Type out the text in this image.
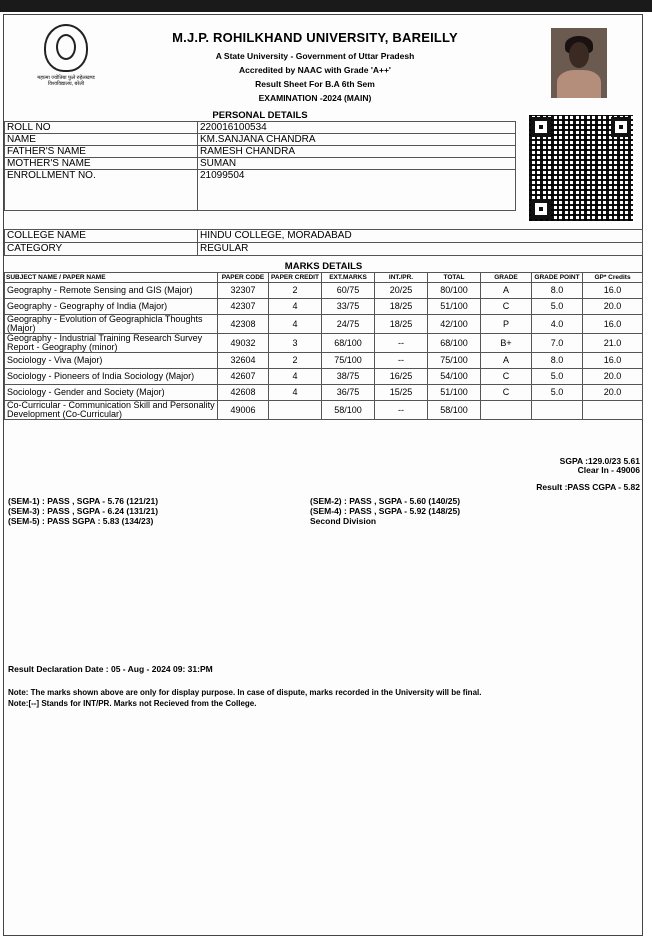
महात्मा ज्योतिबा फुले रुहेलखण्ड विश्वविद्यालय, बरेली
M.J.P. ROHILKHAND UNIVERSITY, BAREILLY
A State University - Government of Uttar Pradesh
Accredited by NAAC with Grade 'A++'
Result Sheet For B.A 6th Sem
EXAMINATION -2024 (MAIN)
PERSONAL DETAILS
ROLL NO	220016100534
NAME	KM.SANJANA CHANDRA
FATHER'S NAME	RAMESH CHANDRA
MOTHER'S NAME	SUMAN
ENROLLMENT NO.	21099504
COLLEGE NAME	HINDU COLLEGE, MORADABAD
CATEGORY	REGULAR
MARKS DETAILS
SUBJECT NAME / PAPER NAME	PAPER CODE	PAPER CREDIT	EXT.MARKS	INT./PR.	TOTAL	GRADE	GRADE POINT	GP* Credits
Geography - Remote Sensing and GIS (Major)	32307	2	60/75	20/25	80/100	A	8.0	16.0
Geography - Geography of India (Major)	42307	4	33/75	18/25	51/100	C	5.0	20.0
Geography - Evolution of Geographicla Thoughts (Major)	42308	4	24/75	18/25	42/100	P	4.0	16.0
Geography - Industrial Training Research Survey Report - Geography (minor)	49032	3	68/100	--	68/100	B+	7.0	21.0
Sociology - Viva (Major)	32604	2	75/100	--	75/100	A	8.0	16.0
Sociology - Pioneers of India Sociology (Major)	42607	4	38/75	16/25	54/100	C	5.0	20.0
Sociology - Gender and Society (Major)	42608	4	36/75	15/25	51/100	C	5.0	20.0
Co-Curricular - Communication Skill and Personality Development (Co-Curricular)	49006		58/100	--	58/100			
SGPA :129.0/23 5.61
Clear In - 49006
Result :PASS CGPA - 5.82
(SEM-1) : PASS , SGPA - 5.76 (121/21)
(SEM-3) : PASS , SGPA - 6.24 (131/21)
(SEM-5) : PASS SGPA : 5.83 (134/23)
(SEM-2) : PASS , SGPA - 5.60 (140/25)
(SEM-4) : PASS , SGPA - 5.92 (148/25)
Second Division
Result Declaration Date : 05 - Aug - 2024 09: 31:PM
Note: The marks shown above are only for display purpose. In case of dispute, marks recorded in the University will be final.
Note:[--] Stands for INT/PR. Marks not Recieved from the College.
